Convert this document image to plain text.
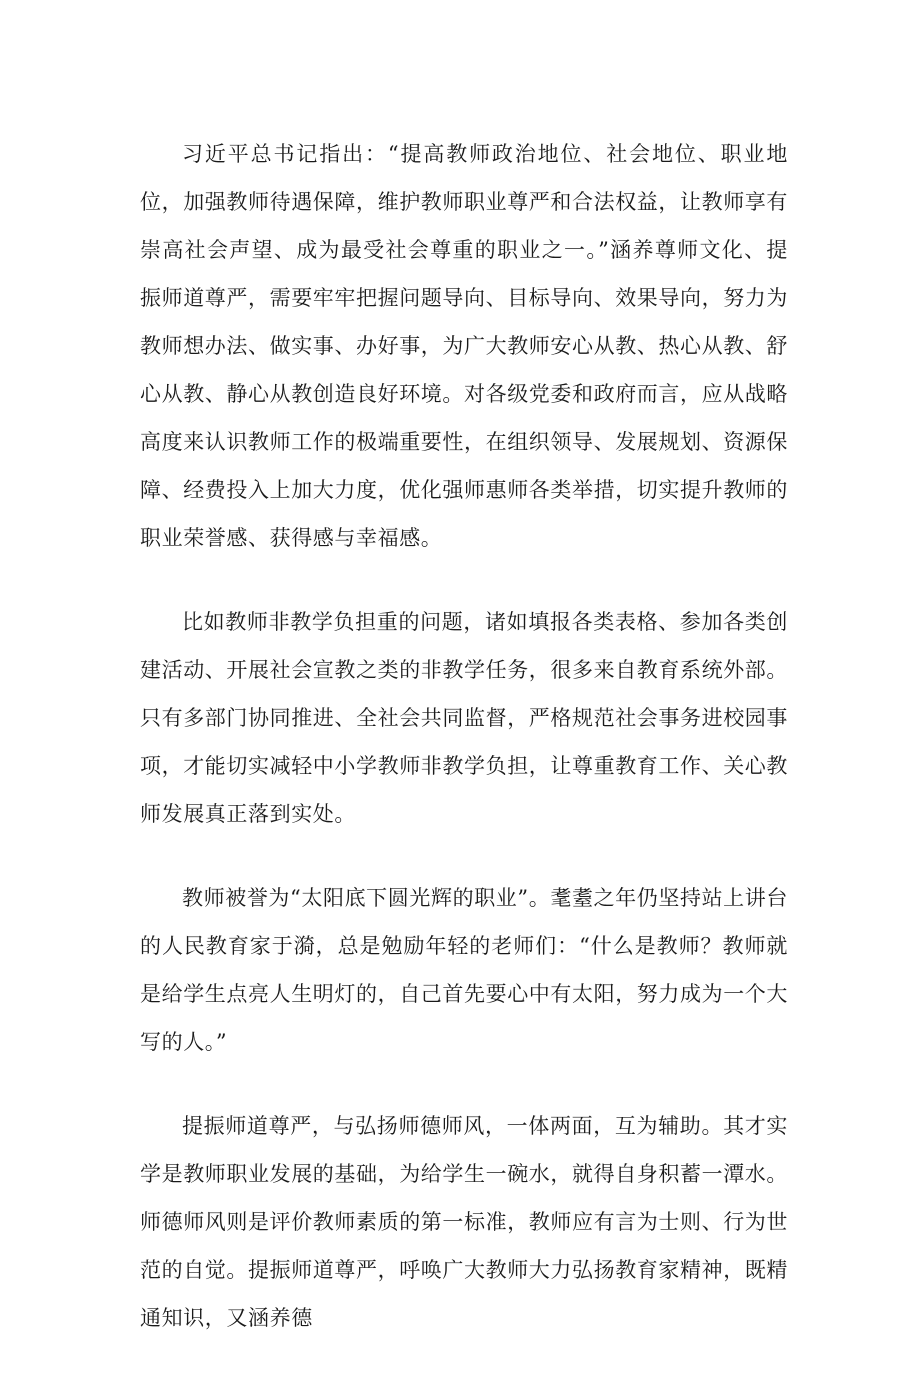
习近平总书记指出：“提高教师政治地位、社会地位、职业地位，加强教师待遇保障，维护教师职业尊严和合法权益，让教师享有崇高社会声望、成为最受社会尊重的职业之一。”涵养尊师文化、提振师道尊严，需要牢牢把握问题导向、目标导向、效果导向，努力为教师想办法、做实事、办好事，为广大教师安心从教、热心从教、舒心从教、静心从教创造良好环境。对各级党委和政府而言，应从战略高度来认识教师工作的极端重要性，在组织领导、发展规划、资源保障、经费投入上加大力度，优化强师惠师各类举措，切实提升教师的职业荣誉感、获得感与幸福感。

比如教师非教学负担重的问题，诸如填报各类表格、参加各类创建活动、开展社会宣教之类的非教学任务，很多来自教育系统外部。只有多部门协同推进、全社会共同监督，严格规范社会事务进校园事项，才能切实减轻中小学教师非教学负担，让尊重教育工作、关心教师发展真正落到实处。

教师被誉为“太阳底下圆光辉的职业”。耄耋之年仍坚持站上讲台的人民教育家于漪，总是勉励年轻的老师们：“什么是教师？教师就是给学生点亮人生明灯的，自己首先要心中有太阳，努力成为一个大写的人。”

提振师道尊严，与弘扬师德师风，一体两面，互为辅助。其才实学是教师职业发展的基础，为给学生一碗水，就得自身积蓄一潭水。师德师风则是评价教师素质的第一标准，教师应有言为士则、行为世范的自觉。提振师道尊严，呼唤广大教师大力弘扬教育家精神，既精通知识，又涵养德
